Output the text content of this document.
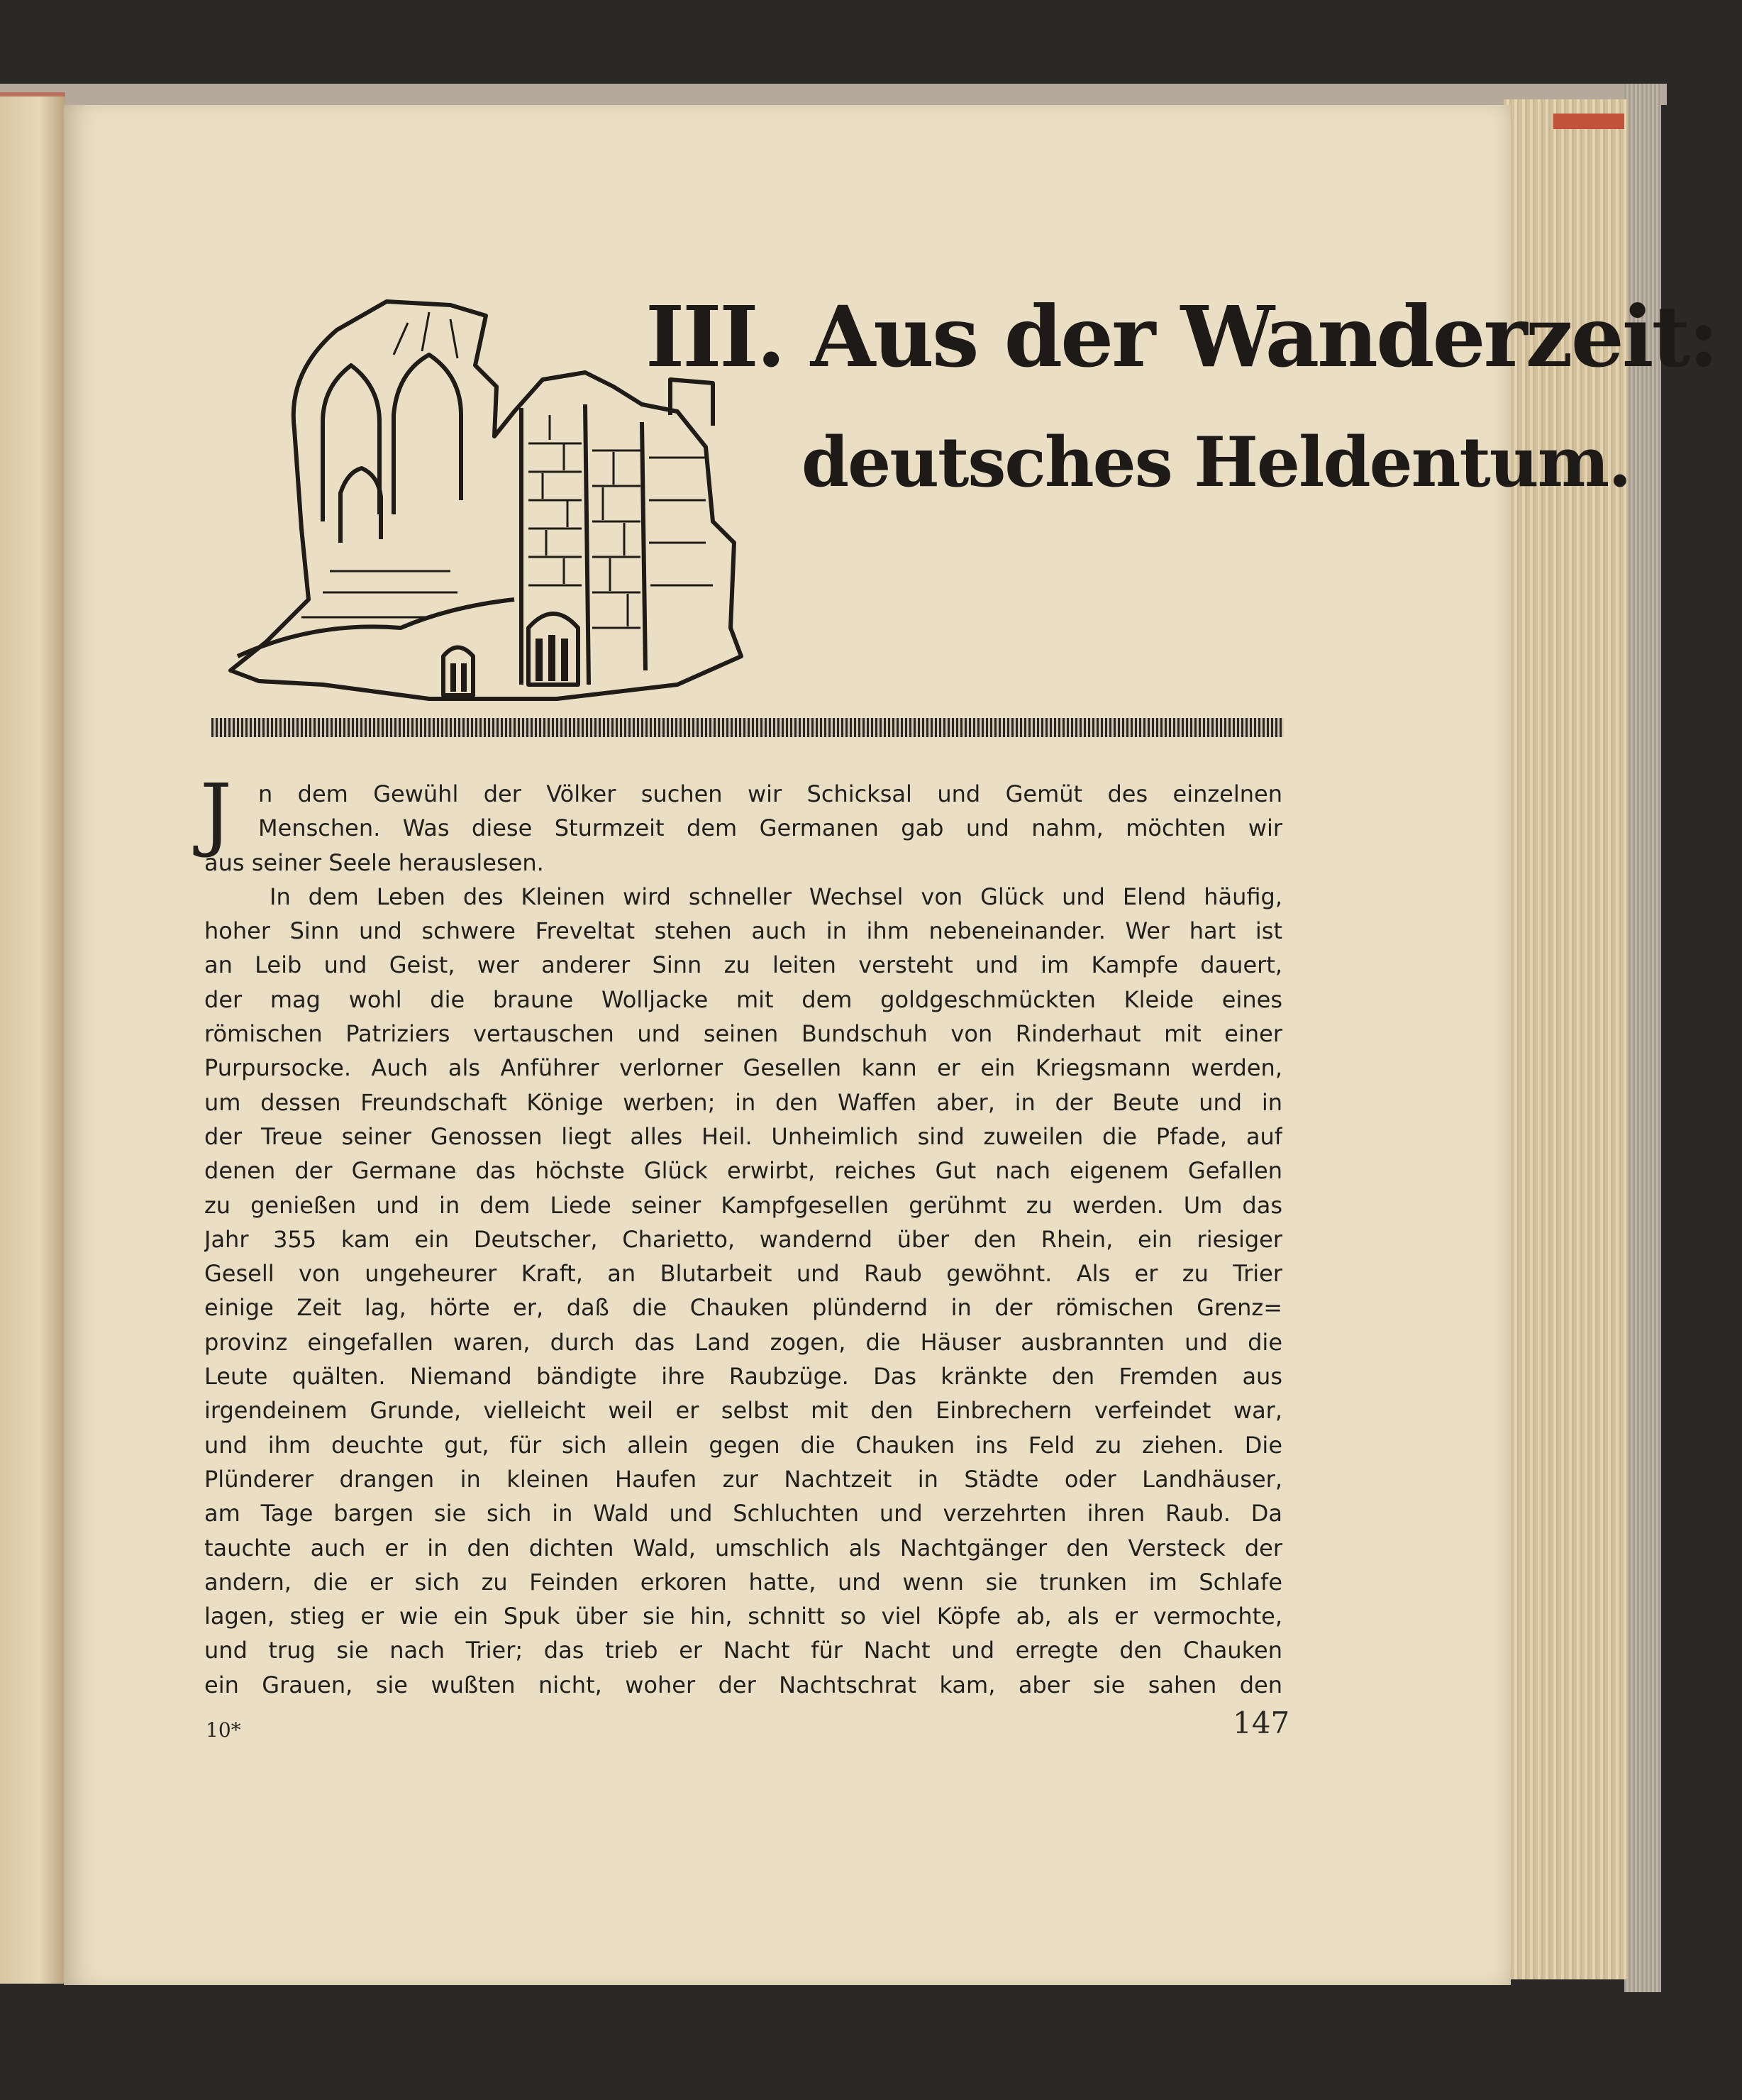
III. Aus der Wanderzeit:
deutsches Heldentum.
J	n dem Gewühl der Völker suchen wir Schicksal und Gemüt des einzelnen
Menschen. Was diese Sturmzeit dem Germanen gab und nahm, möchten wir
aus seiner Seele herauslesen.
In dem Leben des Kleinen wird schneller Wechsel von Glück und Elend häufig,
hoher Sinn und schwere Freveltat stehen auch in ihm nebeneinander. Wer hart ist
an Leib und Geist, wer anderer Sinn zu leiten versteht und im Kampfe dauert,
der mag wohl die braune Wolljacke mit dem goldgeschmückten Kleide eines
römischen Patriziers vertauschen und seinen Bundschuh von Rinderhaut mit einer
Purpursocke. Auch als Anführer verlorner Gesellen kann er ein Kriegsmann werden,
um dessen Freundschaft Könige werben; in den Waffen aber, in der Beute und in
der Treue seiner Genossen liegt alles Heil. Unheimlich sind zuweilen die Pfade, auf
denen der Germane das höchste Glück erwirbt, reiches Gut nach eigenem Gefallen
zu genießen und in dem Liede seiner Kampfgesellen gerühmt zu werden. Um das
Jahr 355 kam ein Deutscher, Charietto, wandernd über den Rhein, ein riesiger
Gesell von ungeheurer Kraft, an Blutarbeit und Raub gewöhnt. Als er zu Trier
einige Zeit lag, hörte er, daß die Chauken plündernd in der römischen Grenz=
provinz eingefallen waren, durch das Land zogen, die Häuser ausbrannten und die
Leute quälten. Niemand bändigte ihre Raubzüge. Das kränkte den Fremden aus
irgendeinem Grunde, vielleicht weil er selbst mit den Einbrechern verfeindet war,
und ihm deuchte gut, für sich allein gegen die Chauken ins Feld zu ziehen. Die
Plünderer drangen in kleinen Haufen zur Nachtzeit in Städte oder Landhäuser,
am Tage bargen sie sich in Wald und Schluchten und verzehrten ihren Raub. Da
tauchte auch er in den dichten Wald, umschlich als Nachtgänger den Versteck der
andern, die er sich zu Feinden erkoren hatte, und wenn sie trunken im Schlafe
lagen, stieg er wie ein Spuk über sie hin, schnitt so viel Köpfe ab, als er vermochte,
und trug sie nach Trier; das trieb er Nacht für Nacht und erregte den Chauken
ein Grauen, sie wußten nicht, woher der Nachtschrat kam, aber sie sahen den
10*	147
